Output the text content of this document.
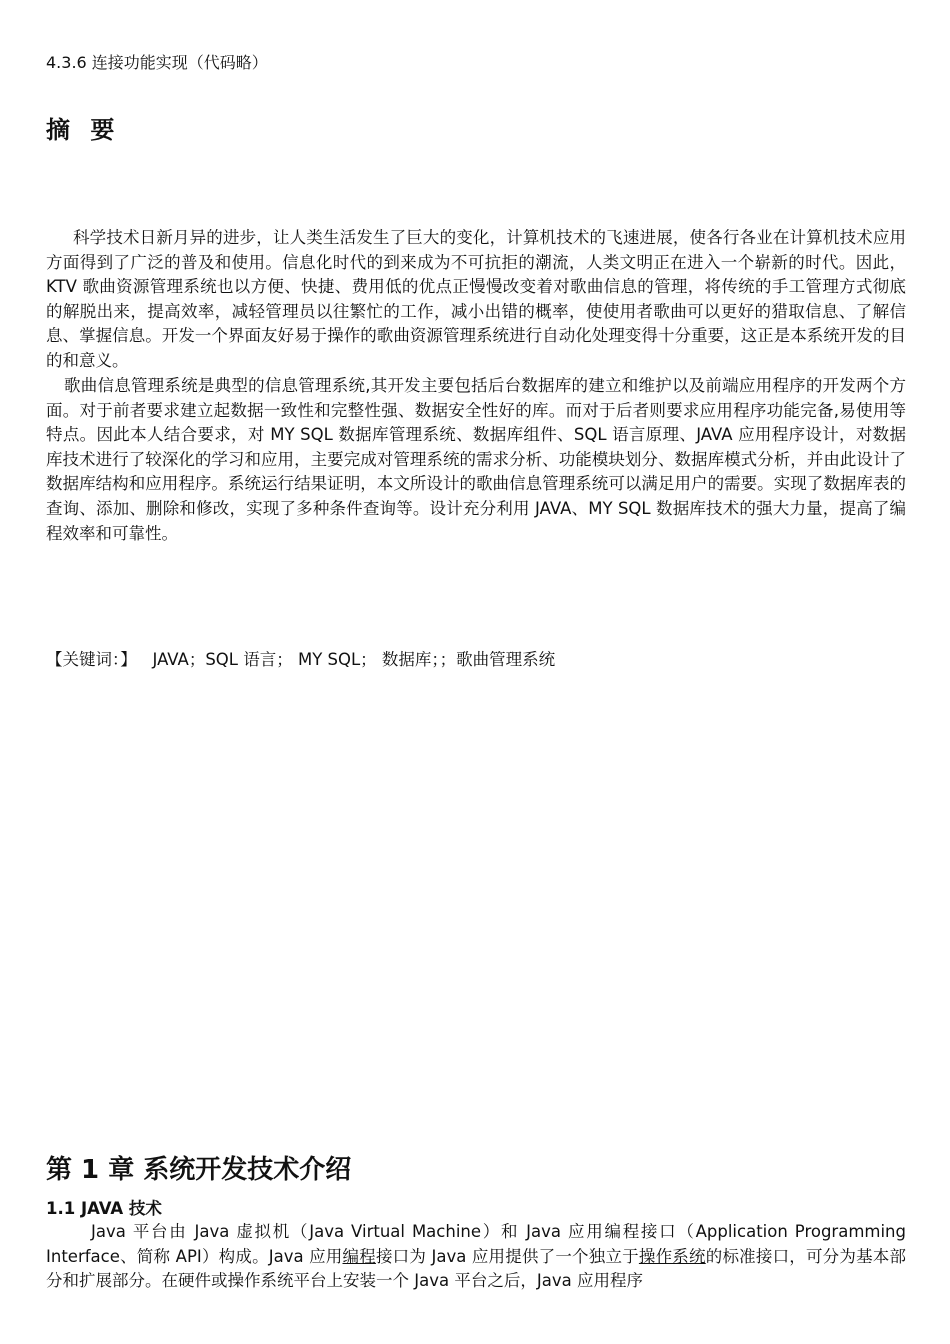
4.3.6 连接功能实现（代码略）
摘 要

科学技术日新月异的进步，让人类生活发生了巨大的变化，计算机技术的飞速进展，使各行各业在计算机技术应用方面得到了广泛的普及和使用。信息化时代的到来成为不可抗拒的潮流，人类文明正在进入一个崭新的时代。因此，KTV 歌曲资源管理系统也以方便、快捷、费用低的优点正慢慢改变着对歌曲信息的管理，将传统的手工管理方式彻底的解脱出来，提高效率，减轻管理员以往繁忙的工作，减小出错的概率，使使用者歌曲可以更好的猎取信息、了解信息、掌握信息。开发一个界面友好易于操作的歌曲资源管理系统进行自动化处理变得十分重要，这正是本系统开发的目的和意义。

歌曲信息管理系统是典型的信息管理系统,其开发主要包括后台数据库的建立和维护以及前端应用程序的开发两个方面。对于前者要求建立起数据一致性和完整性强、数据安全性好的库。而对于后者则要求应用程序功能完备,易使用等特点。因此本人结合要求，对 MY SQL 数据库管理系统、数据库组件、SQL 语言原理、JAVA 应用程序设计，对数据库技术进行了较深化的学习和应用，主要完成对管理系统的需求分析、功能模块划分、数据库模式分析，并由此设计了数据库结构和应用程序。系统运行结果证明，本文所设计的歌曲信息管理系统可以满足用户的需要。实现了数据库表的查询、添加、删除和修改，实现了多种条件查询等。设计充分利用 JAVA、MY SQL 数据库技术的强大力量，提高了编程效率和可靠性。

【关键词：】 JAVA；SQL 语言； MY SQL； 数据库；；歌曲管理系统
第 1 章 系统开发技术介绍
1.1 JAVA 技术

Java 平台由 Java 虚拟机（Java Virtual Machine）和 Java 应用编程接口（Application Programming Interface、简称 API）构成。Java 应用编程接口为 Java 应用提供了一个独立于操作系统的标准接口，可分为基本部分和扩展部分。在硬件或操作系统平台上安装一个 Java 平台之后，Java 应用程序
